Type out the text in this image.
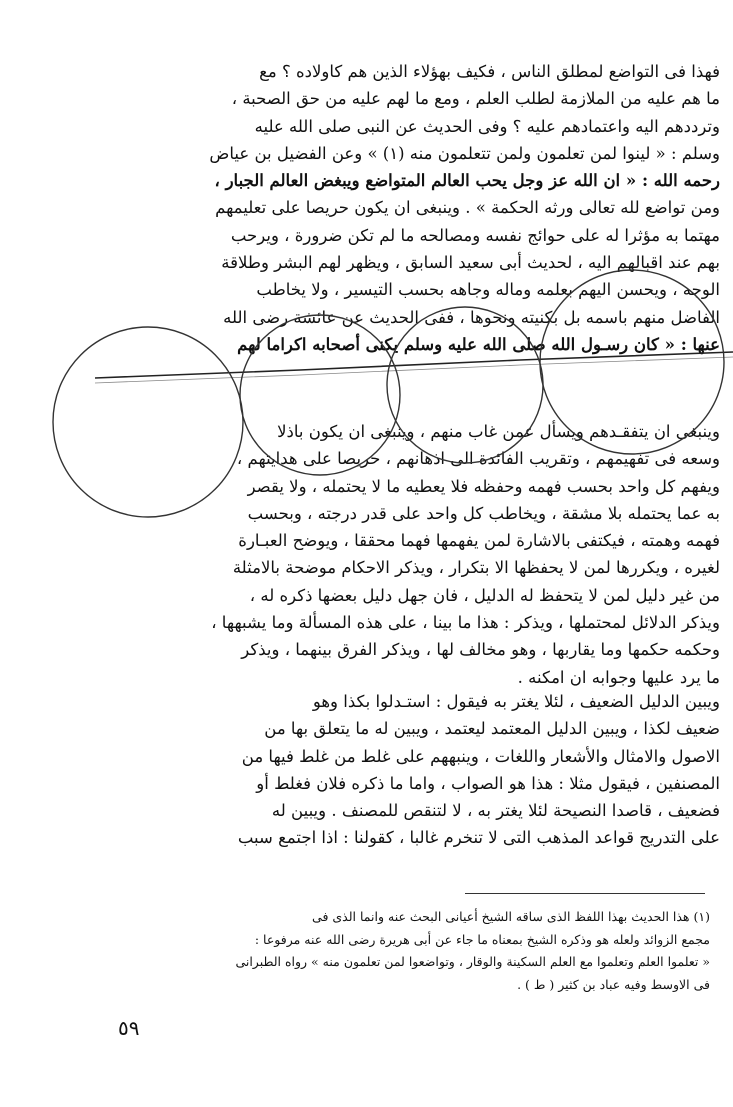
فهذا فى التواضع لمطلق الناس ، فكيف بهؤلاء الذين هم كاولاده ؟ مع
ما هم عليه من الملازمة لطلب العلم ، ومع ما لهم عليه من حق الصحبة ،
وترددهم اليه واعتمادهم عليه ؟ وفى الحديث عن النبى صلى الله عليه
وسلم : « لينوا لمن تعلمون ولمن تتعلمون منه (١) » وعن الفضيل بن عياض
رحمه الله : « ان الله عز وجل يحب العالم المتواضع ويبغض العالم الجبار ،
ومن تواضع لله تعالى ورثه الحكمة » . وينبغى ان يكون حريصا على تعليمهم
مهتما به مؤثرا له على حوائج نفسه ومصالحه ما لم تكن ضرورة ، ويرحب
بهم عند اقبالهم اليه ، لحديث أبى سعيد السابق ، ويظهر لهم البشر وطلاقة
الوجه ، ويحسن اليهم بعلمه وماله وجاهه بحسب التيسير ، ولا يخاطب
الفاضل منهم باسمه بل بكنيته ونحوها ، ففى الحديث عن عائشة رضى الله
عنها : « كان رسـول الله صلى الله عليه وسلم يكنى أصحابه اكراما لهم
وينبغى ان يتفقـدهم ويسأل عمن غاب منهم ، وينبغى ان يكون باذلا
وسعه فى تفهيمهم ، وتقريب الفائدة الى اذهانهم ، حريصا على هدايتهم ،
ويفهم كل واحد بحسب فهمه وحفظه فلا يعطيه ما لا يحتمله ، ولا يقصر
به عما يحتمله بلا مشقة ، ويخاطب كل واحد على قدر درجته ، وبحسب
فهمه وهمته ، فيكتفى بالاشارة لمن يفهمها فهما محققا ، ويوضح العبـارة
لغيره ، ويكررها لمن لا يحفظها الا بتكرار ، ويذكر الاحكام موضحة بالامثلة
من غير دليل لمن لا يتحفظ له الدليل ، فان جهل دليل بعضها ذكره له ،
ويذكر الدلائل لمحتملها ، ويذكر : هذا ما بينا ، على هذه المسألة وما يشبهها ،
وحكمه حكمها وما يقاربها ، وهو مخالف لها ، ويذكر الفرق بينهما ، ويذكر
ما يرد عليها وجوابه ان امكنه .
ويبين الدليل الضعيف ، لئلا يغتر به فيقول : استـدلوا بكذا وهو
ضعيف لكذا ، ويبين الدليل المعتمد ليعتمد ، ويبين له ما يتعلق بها من
الاصول والامثال والأشعار واللغات ، وينبههم على غلط من غلط فيها من
المصنفين ، فيقول مثلا : هذا هو الصواب ، واما ما ذكره فلان فغلط أو
فضعيف ، قاصدا النصيحة لئلا يغتر به ، لا لتنقص للمصنف . ويبين له
على التدريج قواعد المذهب التى لا تنخرم غالبا ، كقولنا : اذا اجتمع سبب
(١) هذا الحديث بهذا اللفظ الذى ساقه الشيخ أعيانى البحث عنه وانما الذى فى
مجمع الزوائد ولعله هو وذكره الشيخ بمعناه ما جاء عن أبى هريرة رضى الله عنه مرفوعا :
« تعلموا العلم وتعلموا مع العلم السكينة والوقار ، وتواضعوا لمن تعلمون منه » رواه الطبرانى
فى الاوسط وفيه عباد بن كثير ( ط ) .
٥٩
